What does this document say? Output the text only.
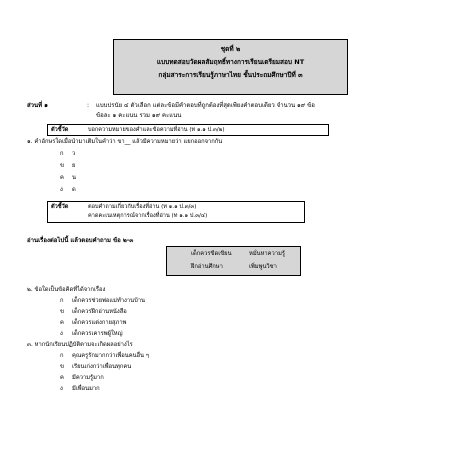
ชุดที่ ๒
แบบทดสอบวัดผลสัมฤทธิ์ทางการเรียนเตรียมสอบ NT
กลุ่มสาระการเรียนรู้ภาษาไทย ชั้นประถมศึกษาปีที่ ๓
ส่วนที่ ๑	: แบบปรนัย ๔ ตัวเลือก แต่ละข้อมีคำตอบที่ถูกต้องที่สุดเพียงคำตอบเดียว จำนวน ๑๙ ข้อ
ข้อละ ๑ คะแนน รวม ๑๙ คะแนน
ตัวชี้วัด	บอกความหมายของคำและข้อความที่อ่าน (ท ๑.๑ ป.๓/๒)
๑. คำอักษรใดเมื่อนำมาเติมในคำว่า ขา__ แล้วมีความหมายว่า แยกออกจากกัน
ก ว
ข ย
ค น
ง ด
ตัวชี้วัด	ตอบคำถามเกี่ยวกับเรื่องที่อ่าน (ท ๑.๑ ป.๓/๓)
คาดคะเนเหตุการณ์จากเรื่องที่อ่าน (ท ๑.๑ ป.๓/๔)
อ่านเรื่องต่อไปนี้ แล้วตอบคำถาม ข้อ ๒-๓
เด็กควรขีดเขียน	หมั่นหาความรู้
ฝึกอ่านศึกษา	เพิ่มพูนวิชา
๒. ข้อใดเป็นข้อคิดที่ได้จากเรื่อง
ก เด็กควรช่วยพ่อแม่ทำงานบ้าน
ข เด็กควรฝึกอ่านหนังสือ
ค เด็กควรแต่งกายสุภาพ
ง เด็กควรเคารพผู้ใหญ่
๓. หากนักเรียนปฏิบัติตามจะเกิดผลอย่างไร
ก คุณครูรักมากกว่าเพื่อนคนอื่น ๆ
ข เรียนเก่งกว่าเพื่อนทุกคน
ค มีความรู้มาก
ง มีเพื่อนมาก
